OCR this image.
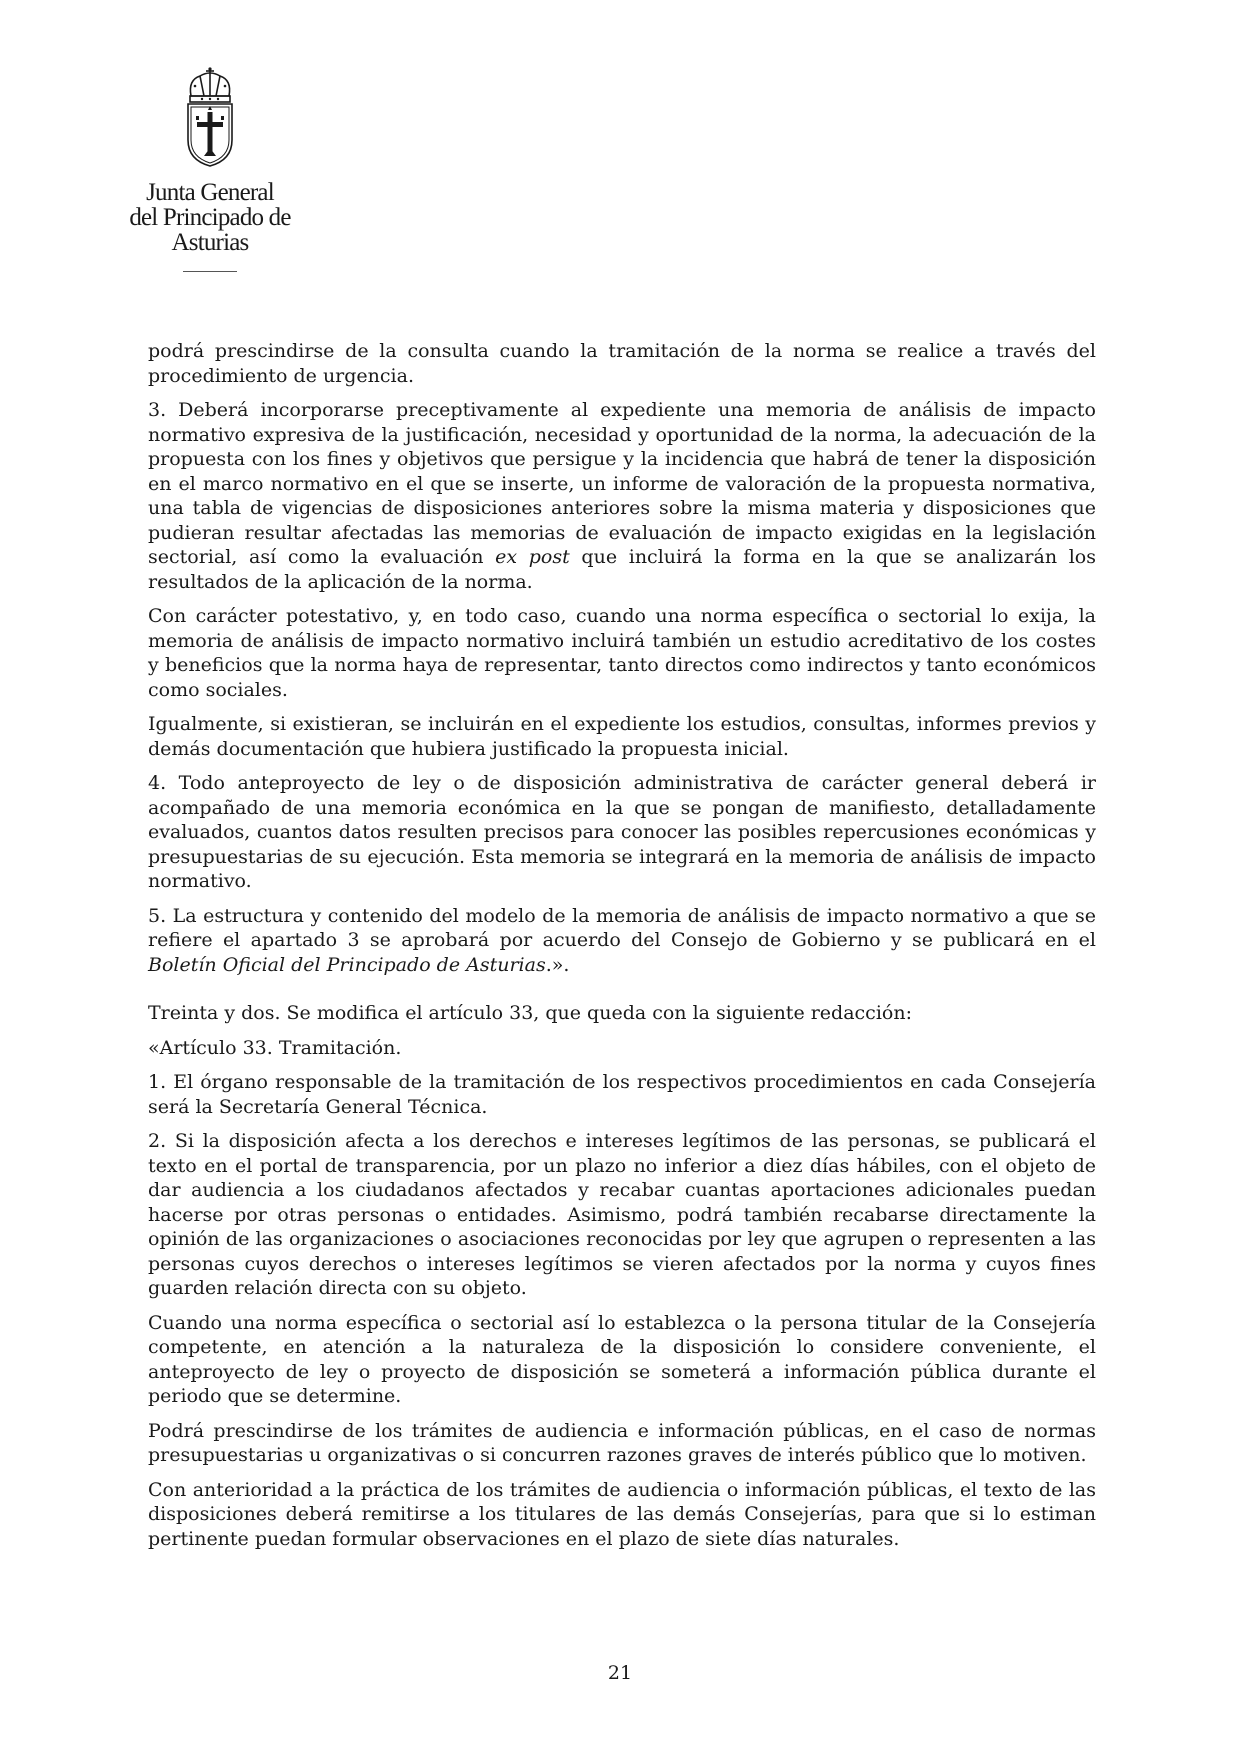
Junta General
del Principado de Asturias

podrá prescindirse de la consulta cuando la tramitación de la norma se realice a través del procedimiento de urgencia.

3. Deberá incorporarse preceptivamente al expediente una memoria de análisis de impacto normativo expresiva de la justificación, necesidad y oportunidad de la norma, la adecuación de la propuesta con los fines y objetivos que persigue y la incidencia que habrá de tener la disposición en el marco normativo en el que se inserte, un informe de valoración de la propuesta normativa, una tabla de vigencias de disposiciones anteriores sobre la misma materia y disposiciones que pudieran resultar afectadas las memorias de evaluación de impacto exigidas en la legislación sectorial, así como la evaluación ex post que incluirá la forma en la que se analizarán los resultados de la aplicación de la norma.

Con carácter potestativo, y, en todo caso, cuando una norma específica o sectorial lo exija, la memoria de análisis de impacto normativo incluirá también un estudio acreditativo de los costes y beneficios que la norma haya de representar, tanto directos como indirectos y tanto económicos como sociales.

Igualmente, si existieran, se incluirán en el expediente los estudios, consultas, informes previos y demás documentación que hubiera justificado la propuesta inicial.

4. Todo anteproyecto de ley o de disposición administrativa de carácter general deberá ir acompañado de una memoria económica en la que se pongan de manifiesto, detalladamente evaluados, cuantos datos resulten precisos para conocer las posibles repercusiones económicas y presupuestarias de su ejecución. Esta memoria se integrará en la memoria de análisis de impacto normativo.

5. La estructura y contenido del modelo de la memoria de análisis de impacto normativo a que se refiere el apartado 3 se aprobará por acuerdo del Consejo de Gobierno y se publicará en el Boletín Oficial del Principado de Asturias.».

Treinta y dos. Se modifica el artículo 33, que queda con la siguiente redacción:

«Artículo 33. Tramitación.

1. El órgano responsable de la tramitación de los respectivos procedimientos en cada Consejería será la Secretaría General Técnica.

2. Si la disposición afecta a los derechos e intereses legítimos de las personas, se publicará el texto en el portal de transparencia, por un plazo no inferior a diez días hábiles, con el objeto de dar audiencia a los ciudadanos afectados y recabar cuantas aportaciones adicionales puedan hacerse por otras personas o entidades. Asimismo, podrá también recabarse directamente la opinión de las organizaciones o asociaciones reconocidas por ley que agrupen o representen a las personas cuyos derechos o intereses legítimos se vieren afectados por la norma y cuyos fines guarden relación directa con su objeto.

Cuando una norma específica o sectorial así lo establezca o la persona titular de la Consejería competente, en atención a la naturaleza de la disposición lo considere conveniente, el anteproyecto de ley o proyecto de disposición se someterá a información pública durante el periodo que se determine.

Podrá prescindirse de los trámites de audiencia e información públicas, en el caso de normas presupuestarias u organizativas o si concurren razones graves de interés público que lo motiven.

Con anterioridad a la práctica de los trámites de audiencia o información públicas, el texto de las disposiciones deberá remitirse a los titulares de las demás Consejerías, para que si lo estiman pertinente puedan formular observaciones en el plazo de siete días naturales.

21
